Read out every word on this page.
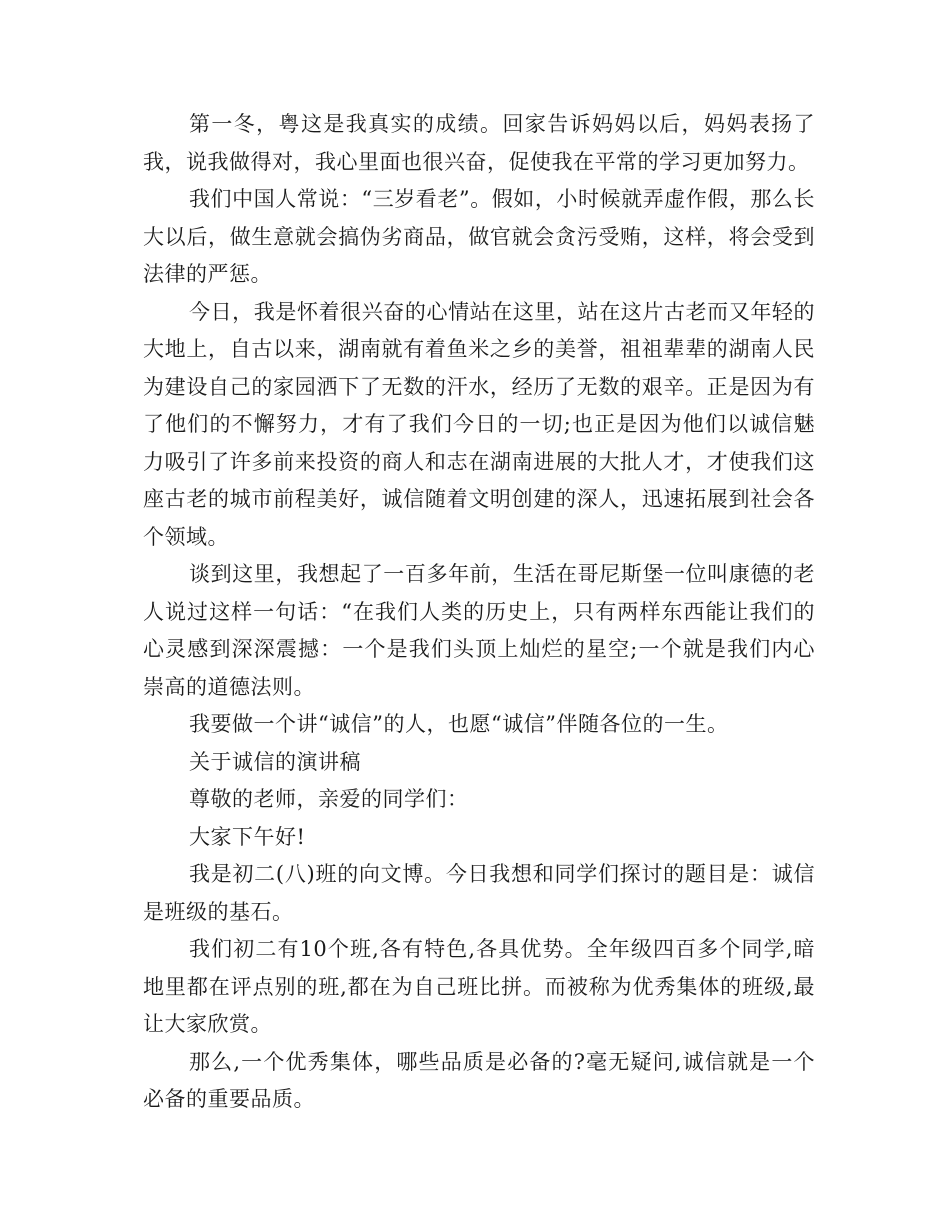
第一冬，粤这是我真实的成绩。回家告诉妈妈以后，妈妈表扬了我，说我做得对，我心里面也很兴奋，促使我在平常的学习更加努力。

我们中国人常说：“三岁看老”。假如，小时候就弄虚作假，那么长大以后，做生意就会搞伪劣商品，做官就会贪污受贿，这样，将会受到法律的严惩。

今日，我是怀着很兴奋的心情站在这里，站在这片古老而又年轻的大地上，自古以来，湖南就有着鱼米之乡的美誉，祖祖辈辈的湖南人民为建设自己的家园洒下了无数的汗水，经历了无数的艰辛。正是因为有了他们的不懈努力，才有了我们今日的一切;也正是因为他们以诚信魅力吸引了许多前来投资的商人和志在湖南进展的大批人才，才使我们这座古老的城市前程美好，诚信随着文明创建的深人，迅速拓展到社会各个领域。

谈到这里，我想起了一百多年前，生活在哥尼斯堡一位叫康德的老人说过这样一句话：“在我们人类的历史上，只有两样东西能让我们的心灵感到深深震撼：一个是我们头顶上灿烂的星空;一个就是我们内心崇高的道德法则。

我要做一个讲“诚信”的人，也愿“诚信”伴随各位的一生。

关于诚信的演讲稿

尊敬的老师，亲爱的同学们：

大家下午好!

我是初二(八)班的向文博。今日我想和同学们探讨的题目是：诚信是班级的基石。

我们初二有10个班,各有特色,各具优势。全年级四百多个同学,暗地里都在评点别的班,都在为自己班比拼。而被称为优秀集体的班级,最让大家欣赏。

那么,一个优秀集体，哪些品质是必备的?毫无疑问,诚信就是一个必备的重要品质。
